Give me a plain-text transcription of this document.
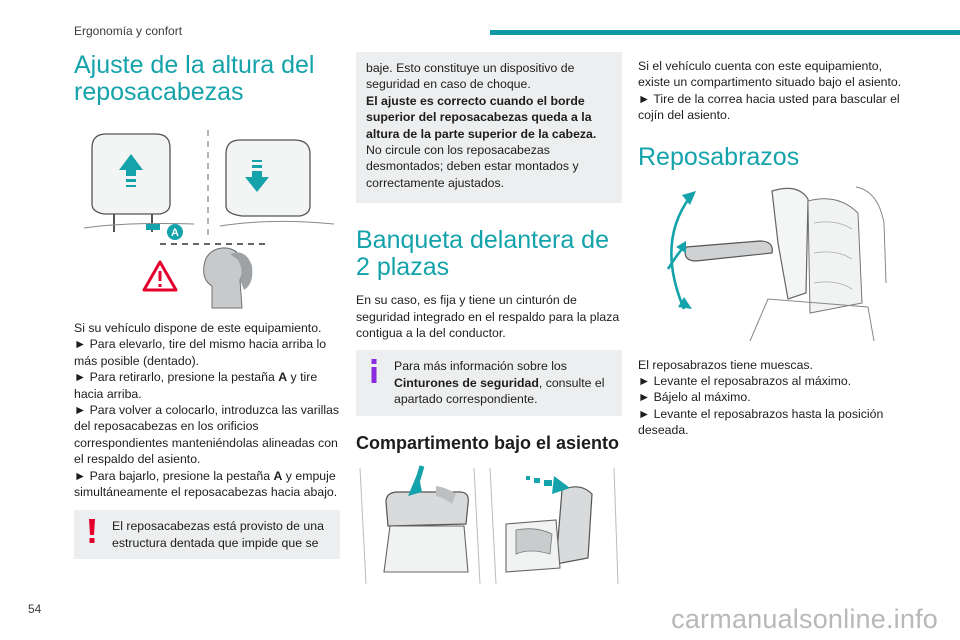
Ergonomía y confort
Ajuste de la altura del reposacabezas
A

Si su vehículo dispone de este equipamiento.

► Para elevarlo, tire del mismo hacia arriba lo más posible (dentado).

► Para retirarlo, presione la pestaña A y tire hacia arriba.

► Para volver a colocarlo, introduzca las varillas del reposacabezas en los orificios correspondientes manteniéndolas alineadas con el respaldo del asiento.

► Para bajarlo, presione la pestaña A y empuje simultáneamente el reposacabezas hacia abajo.

El reposacabezas está provisto de una estructura dentada que impide que se
baje. Esto constituye un dispositivo de seguridad en caso de choque.
El ajuste es correcto cuando el borde superior del reposacabezas queda a la altura de la parte superior de la cabeza.
No circule con los reposacabezas desmontados; deben estar montados y correctamente ajustados.
Banqueta delantera de 2 plazas

En su caso, es fija y tiene un cinturón de seguridad integrado en el respaldo para la plaza contigua a la del conductor.

Para más información sobre los Cinturones de seguridad, consulte el apartado correspondiente.
Compartimento bajo el asiento

Si el vehículo cuenta con este equipamiento, existe un compartimento situado bajo el asiento.

► Tire de la correa hacia usted para bascular el cojín del asiento.

Reposabrazos

El reposabrazos tiene muescas.

► Levante el reposabrazos al máximo.

► Bájelo al máximo.

► Levante el reposabrazos hasta la posición deseada.

54	carmanualsonline.info
